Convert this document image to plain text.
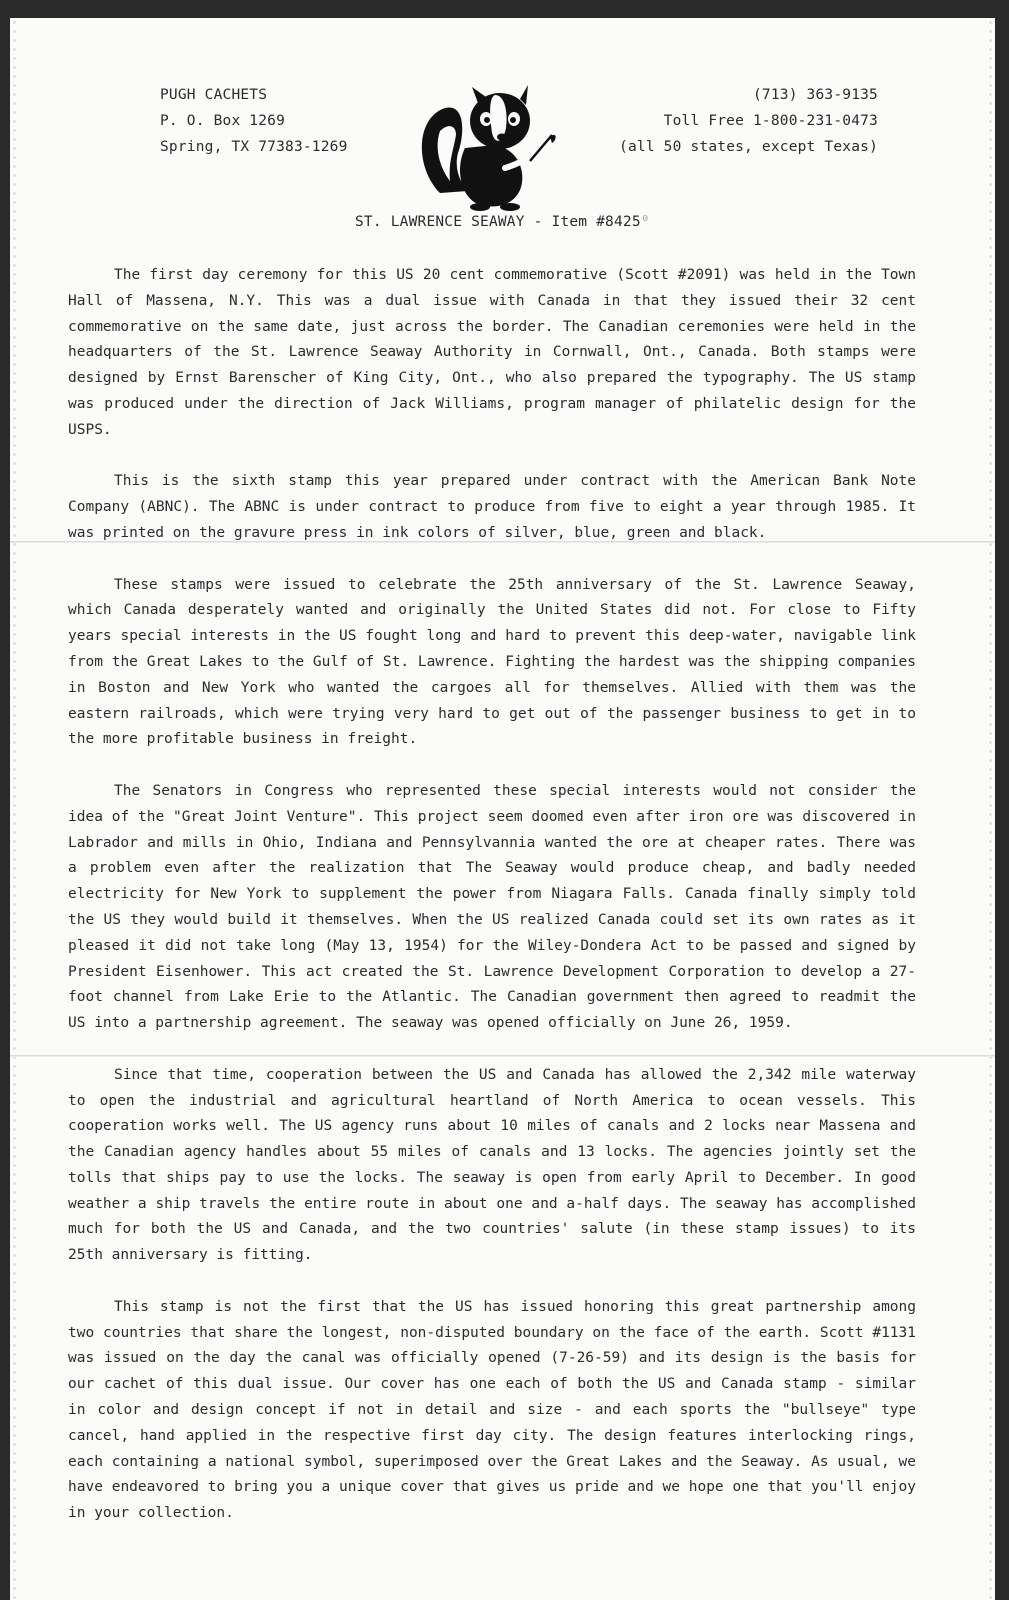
PUGH CACHETS
P. O. Box 1269
Spring, TX 77383-1269
(713) 363-9135
Toll Free 1-800-231-0473
(all 50 states, except Texas)
ST. LAWRENCE SEAWAY - Item #8425⁰

The first day ceremony for this US 20 cent commemorative (Scott #2091) was held in the Town Hall of Massena, N.Y. This was a dual issue with Canada in that they issued their 32 cent commemorative on the same date, just across the border. The Canadian ceremonies were held in the headquarters of the St. Lawrence Seaway Authority in Cornwall, Ont., Canada. Both stamps were designed by Ernst Barenscher of King City, Ont., who also prepared the typography. The US stamp was produced under the direction of Jack Williams, program manager of philatelic design for the USPS.

This is the sixth stamp this year prepared under contract with the American Bank Note Company (ABNC). The ABNC is under contract to produce from five to eight a year through 1985. It was printed on the gravure press in ink colors of silver, blue, green and black.

These stamps were issued to celebrate the 25th anniversary of the St. Lawrence Seaway, which Canada desperately wanted and originally the United States did not. For close to Fifty years special interests in the US fought long and hard to prevent this deep-water, navigable link from the Great Lakes to the Gulf of St. Lawrence. Fighting the hardest was the shipping companies in Boston and New York who wanted the cargoes all for themselves. Allied with them was the eastern railroads, which were trying very hard to get out of the passenger business to get in to the more profitable business in freight.

The Senators in Congress who represented these special interests would not consider the idea of the "Great Joint Venture". This project seem doomed even after iron ore was discovered in Labrador and mills in Ohio, Indiana and Pennsylvannia wanted the ore at cheaper rates. There was a problem even after the realization that The Seaway would produce cheap, and badly needed electricity for New York to supplement the power from Niagara Falls. Canada finally simply told the US they would build it themselves. When the US realized Canada could set its own rates as it pleased it did not take long (May 13, 1954) for the Wiley-Dondera Act to be passed and signed by President Eisenhower. This act created the St. Lawrence Development Corporation to develop a 27-foot channel from Lake Erie to the Atlantic. The Canadian government then agreed to readmit the US into a partnership agreement. The seaway was opened officially on June 26, 1959.

Since that time, cooperation between the US and Canada has allowed the 2,342 mile waterway to open the industrial and agricultural heartland of North America to ocean vessels. This cooperation works well. The US agency runs about 10 miles of canals and 2 locks near Massena and the Canadian agency handles about 55 miles of canals and 13 locks. The agencies jointly set the tolls that ships pay to use the locks. The seaway is open from early April to December. In good weather a ship travels the entire route in about one and a-half days. The seaway has accomplished much for both the US and Canada, and the two countries' salute (in these stamp issues) to its 25th anniversary is fitting.

This stamp is not the first that the US has issued honoring this great partnership among two countries that share the longest, non-disputed boundary on the face of the earth. Scott #1131 was issued on the day the canal was officially opened (7-26-59) and its design is the basis for our cachet of this dual issue. Our cover has one each of both the US and Canada stamp - similar in color and design concept if not in detail and size - and each sports the "bullseye" type cancel, hand applied in the respective first day city. The design features interlocking rings, each containing a national symbol, superimposed over the Great Lakes and the Seaway. As usual, we have endeavored to bring you a unique cover that gives us pride and we hope one that you'll enjoy in your collection.
